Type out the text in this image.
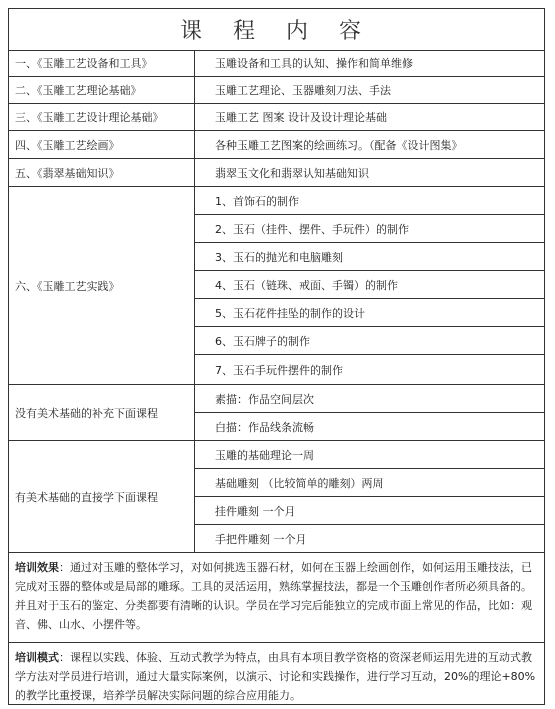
课 程 内 容
一、《玉雕工艺设备和工具》	玉雕设备和工具的认知、操作和简单维修
二、《玉雕工艺理论基础》	玉雕工艺理论、玉器雕刻刀法、手法
三、《玉雕工艺设计理论基础》	玉雕工艺 图案 设计及设计理论基础
四、《玉雕工艺绘画》	各种玉雕工艺图案的绘画练习。（配备《设计图集》
五、《翡翠基础知识》	翡翠玉文化和翡翠认知基础知识
六、《玉雕工艺实践》
1、首饰石的制作
2、玉石（挂件、摆件、手玩件）的制作
3、玉石的抛光和电脑雕刻
4、玉石（链珠、戒面、手镯）的制作
5、玉石花件挂坠的制作的设计
6、玉石牌子的制作
7、玉石手玩件摆件的制作
没有美术基础的补充下面课程
素描：作品空间层次
白描：作品线条流畅
有美术基础的直接学下面课程
玉雕的基础理论一周
基础雕刻 （比较简单的雕刻）两周
挂件雕刻 一个月
手把件雕刻 一个月
培训效果：通过对玉雕的整体学习，对如何挑选玉器石材，如何在玉器上绘画创作，如何运用玉雕技法，已完成对玉器的整体或是局部的雕琢。工具的灵活运用，熟练掌握技法，都是一个玉雕创作者所必须具备的。并且对于玉石的鉴定、分类都要有清晰的认识。学员在学习完后能独立的完成市面上常见的作品，比如：观音、佛、山水、小摆件等。
培训模式：课程以实践、体验、互动式教学为特点，由具有本项目教学资格的资深老师运用先进的互动式教学方法对学员进行培训，通过大量实际案例，以演示、讨论和实践操作，进行学习互动，20%的理论+80%的教学比重授课，培养学员解决实际问题的综合应用能力。
